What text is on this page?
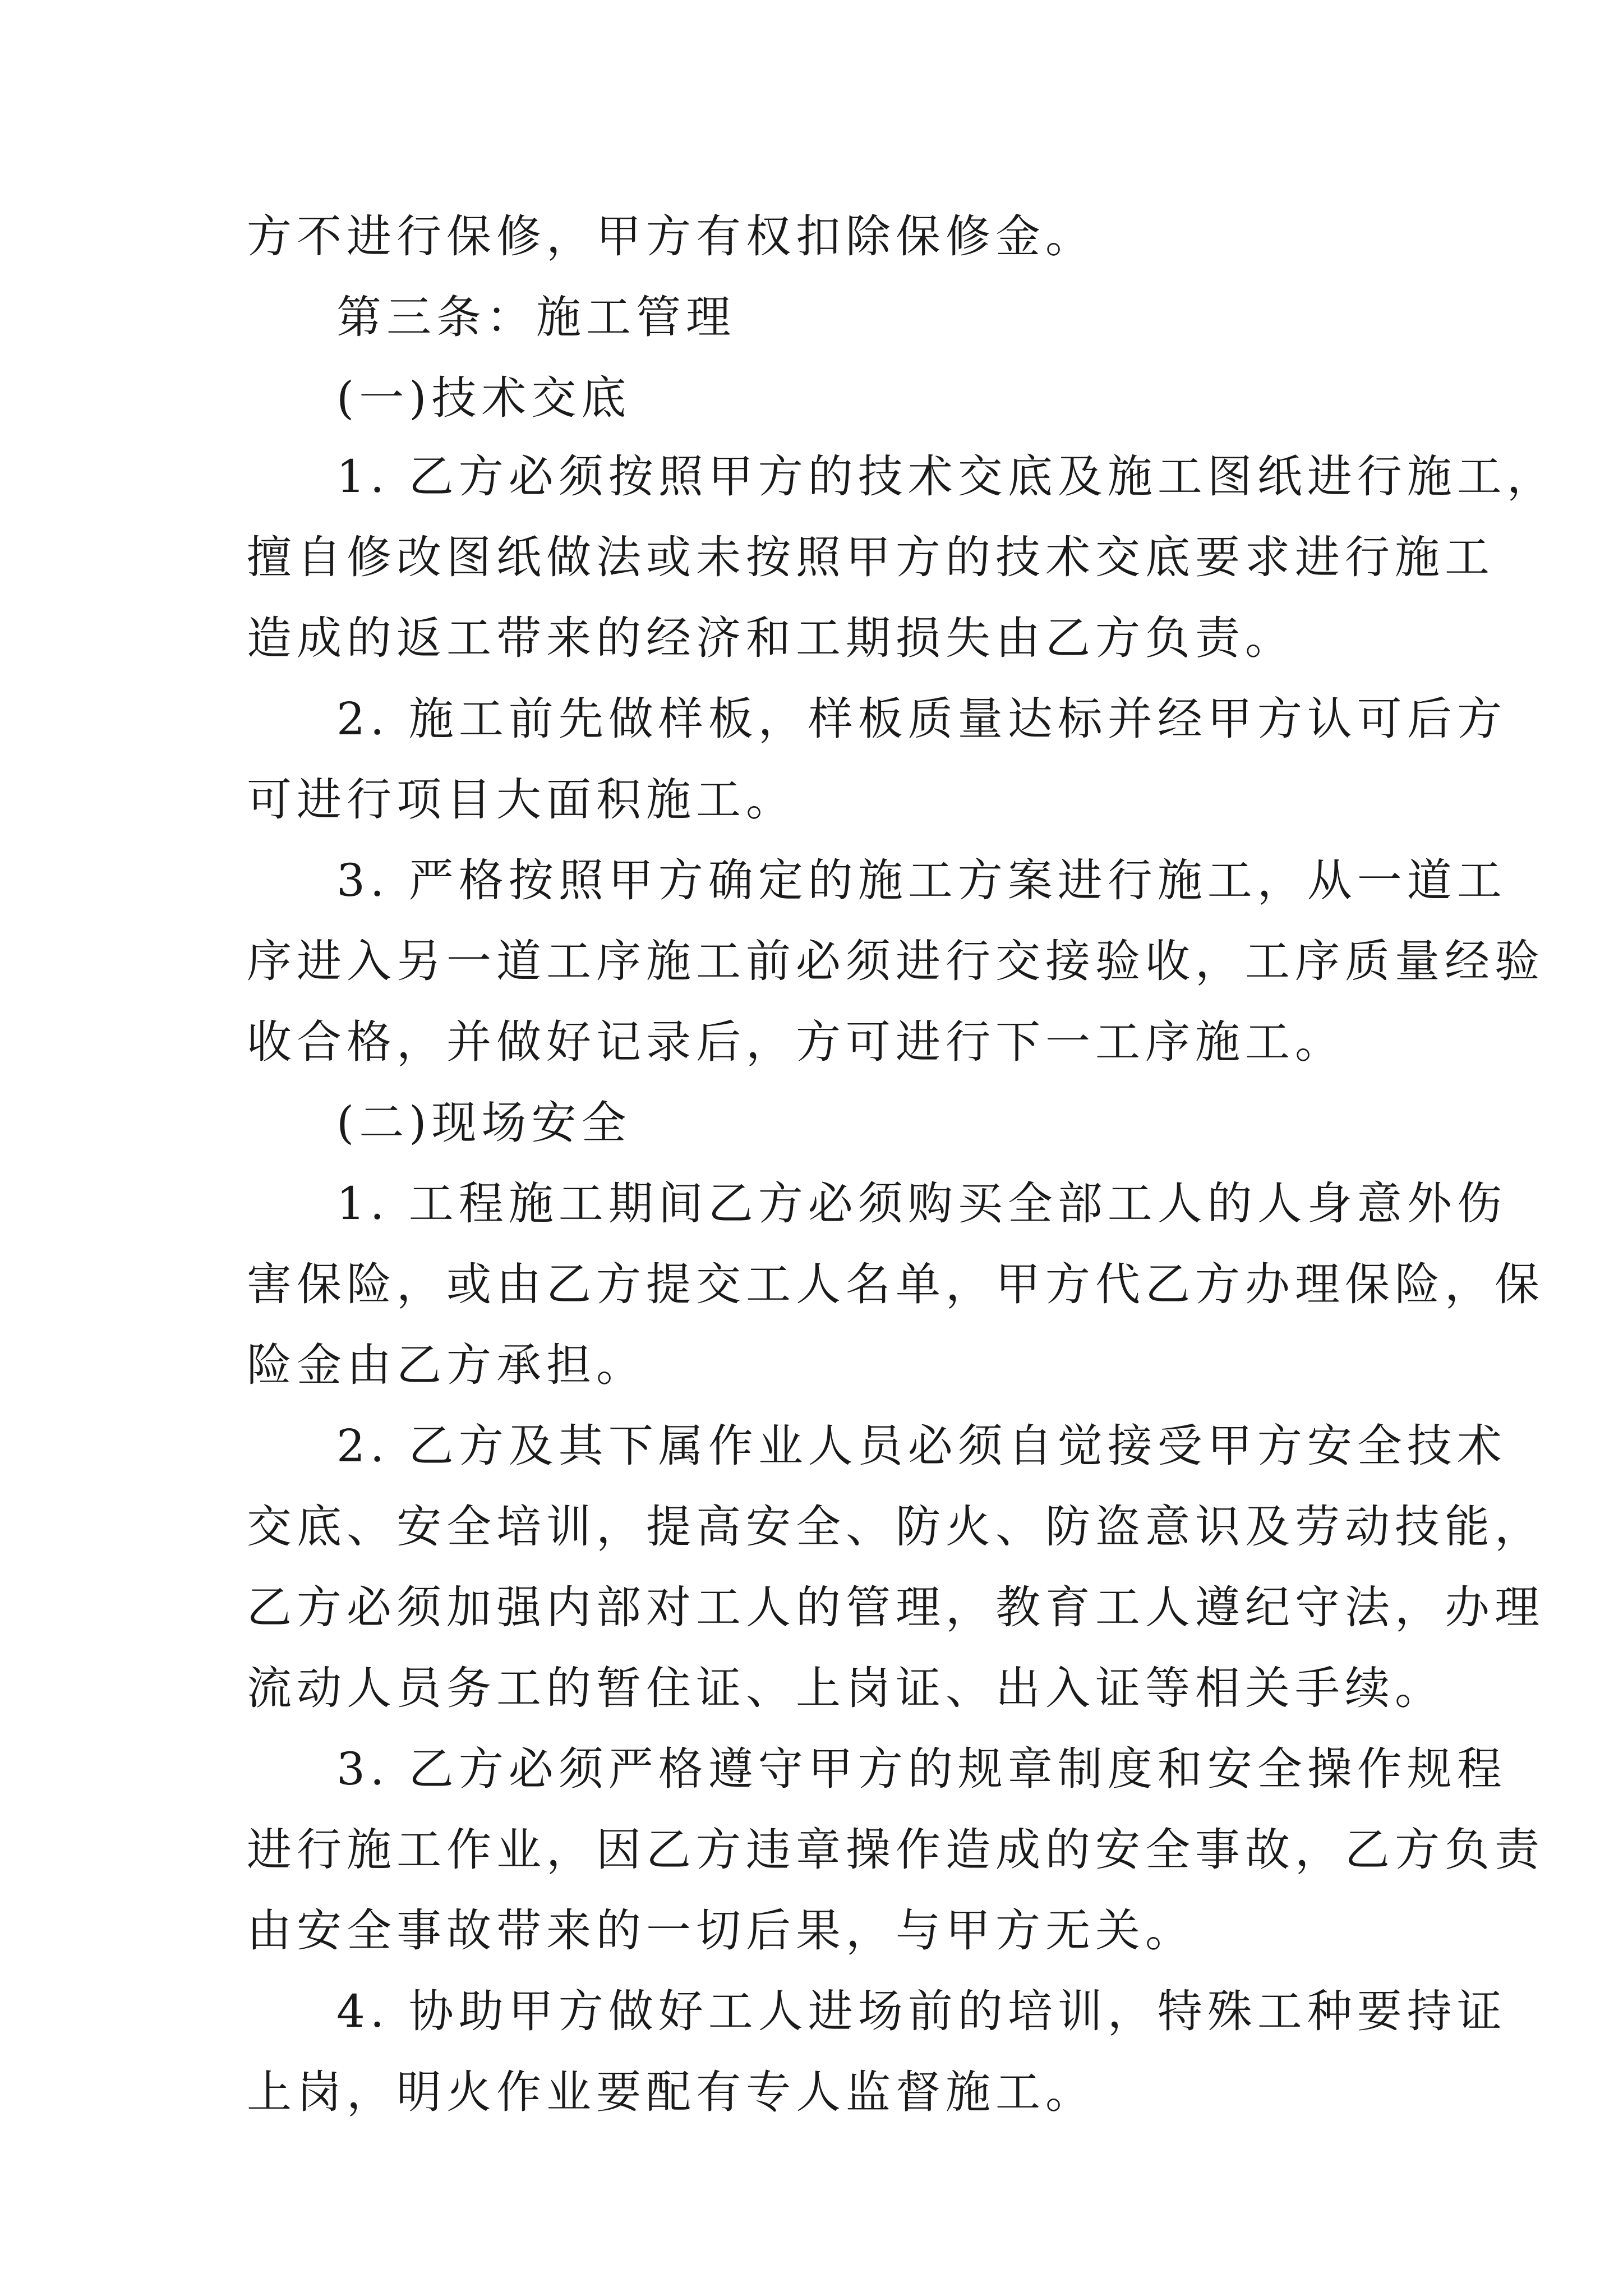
方不进行保修，甲方有权扣除保修金。
第三条：施工管理
(一)技术交底
1. 乙方必须按照甲方的技术交底及施工图纸进行施工，
擅自修改图纸做法或未按照甲方的技术交底要求进行施工
造成的返工带来的经济和工期损失由乙方负责。
2. 施工前先做样板，样板质量达标并经甲方认可后方
可进行项目大面积施工。
3. 严格按照甲方确定的施工方案进行施工，从一道工
序进入另一道工序施工前必须进行交接验收，工序质量经验
收合格，并做好记录后，方可进行下一工序施工。
(二)现场安全
1. 工程施工期间乙方必须购买全部工人的人身意外伤
害保险，或由乙方提交工人名单，甲方代乙方办理保险，保
险金由乙方承担。
2. 乙方及其下属作业人员必须自觉接受甲方安全技术
交底、安全培训，提高安全、防火、防盗意识及劳动技能，
乙方必须加强内部对工人的管理，教育工人遵纪守法，办理
流动人员务工的暂住证、上岗证、出入证等相关手续。
3. 乙方必须严格遵守甲方的规章制度和安全操作规程
进行施工作业，因乙方违章操作造成的安全事故，乙方负责
由安全事故带来的一切后果，与甲方无关。
4. 协助甲方做好工人进场前的培训，特殊工种要持证
上岗，明火作业要配有专人监督施工。
